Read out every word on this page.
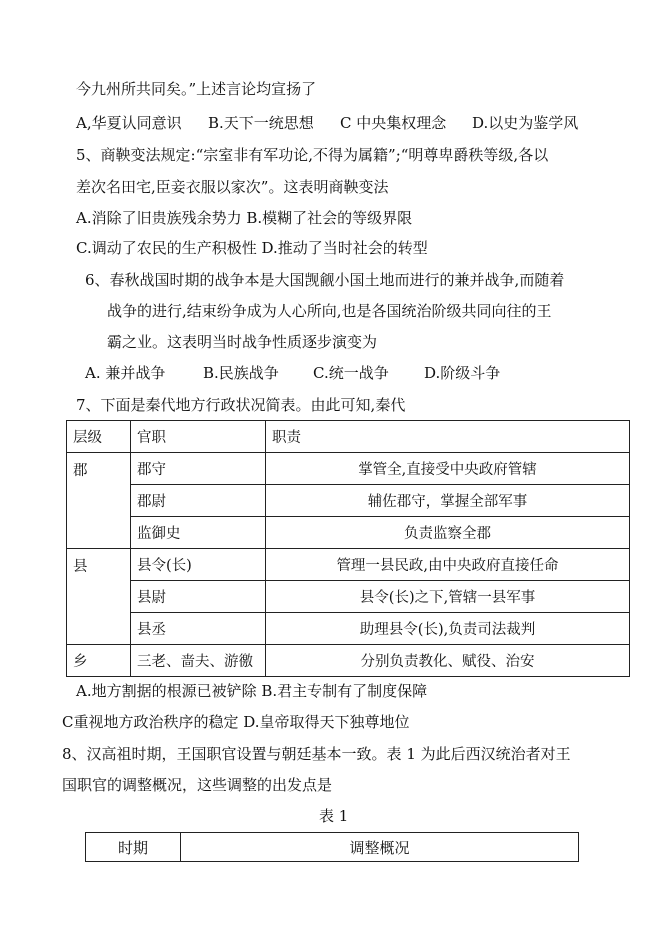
今九州所共同矣。”上述言论均宣扬了
A,华夏认同意识 B.天下一统思想 C 中央集权理念 D.以史为鉴学风
5、商鞅变法规定:“宗室非有军功论,不得为属籍”;“明尊卑爵秩等级,各以
差次名田宅,臣妾衣服以家次”。这表明商鞅变法
A.消除了旧贵族残余势力 B.模糊了社会的等级界限
C.调动了农民的生产积极性 D.推动了当时社会的转型
6、春秋战国时期的战争本是大国觊觎小国土地而进行的兼并战争,而随着
战争的进行,结束纷争成为人心所向,也是各国统治阶级共同向往的王
霸之业。这表明当时战争性质逐步演变为
A. 兼并战争	B.民族战争 C.统一战争 D.阶级斗争
7、下面是秦代地方行政状况简表。由此可知,秦代
层级	官职	职责
郡	郡守	掌管全,直接受中央政府管辖
	郡尉	辅佐郡守，掌握全部军事
	监御史	负责监察全郡
县	县令(长)	管理一县民政,由中央政府直接任命
	县尉	县令(长)之下,管辖一县军事
	县丞	助理县令(长),负责司法裁判
乡	三老、啬夫、游徼	分别负责教化、赋役、治安
A.地方割据的根源已被铲除 B.君主专制有了制度保障
C重视地方政治秩序的稳定 D.皇帝取得天下独尊地位
8、汉高祖时期，王国职官设置与朝廷基本一致。表 1 为此后西汉统治者对王
国职官的调整概况，这些调整的出发点是
表 1
时期	调整概况
